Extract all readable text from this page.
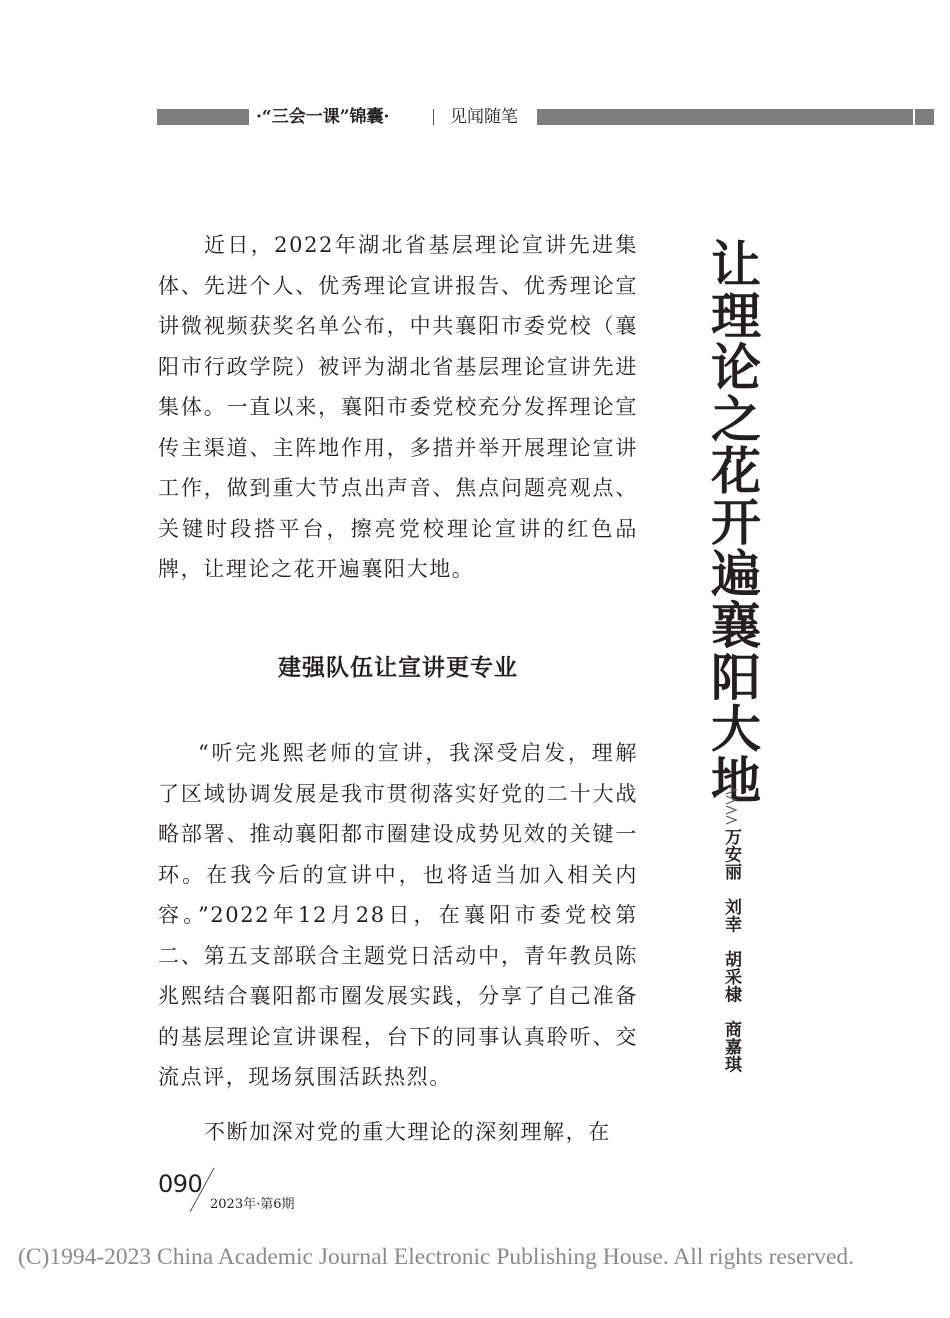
·“三会一课”锦囊·	见闻随笔

近日，2022年湖北省基层理论宣讲先进集体、先进个人、优秀理论宣讲报告、优秀理论宣讲微视频获奖名单公布，中共襄阳市委党校（襄阳市行政学院）被评为湖北省基层理论宣讲先进集体。一直以来，襄阳市委党校充分发挥理论宣传主渠道、主阵地作用，多措并举开展理论宣讲工作，做到重大节点出声音、焦点问题亮观点、关键时段搭平台，擦亮党校理论宣讲的红色品牌，让理论之花开遍襄阳大地。

建强队伍让宣讲更专业

“听完兆熙老师的宣讲，我深受启发，理解了区域协调发展是我市贯彻落实好党的二十大战略部署、推动襄阳都市圈建设成势见效的关键一环。在我今后的宣讲中，也将适当加入相关内容。”2022年12月28日，在襄阳市委党校第二、第五支部联合主题党日活动中，青年教员陈兆熙结合襄阳都市圈发展实践，分享了自己准备的基层理论宣讲课程，台下的同事认真聆听、交流点评，现场氛围活跃热烈。

不断加深对党的重大理论的深刻理解，在

让理论之花开遍襄阳大地
万安丽　刘幸　胡采棣　商嘉琪
090
2023年·第6期
(C)1994-2023 China Academic Journal Electronic Publishing House. All rights reserved.
